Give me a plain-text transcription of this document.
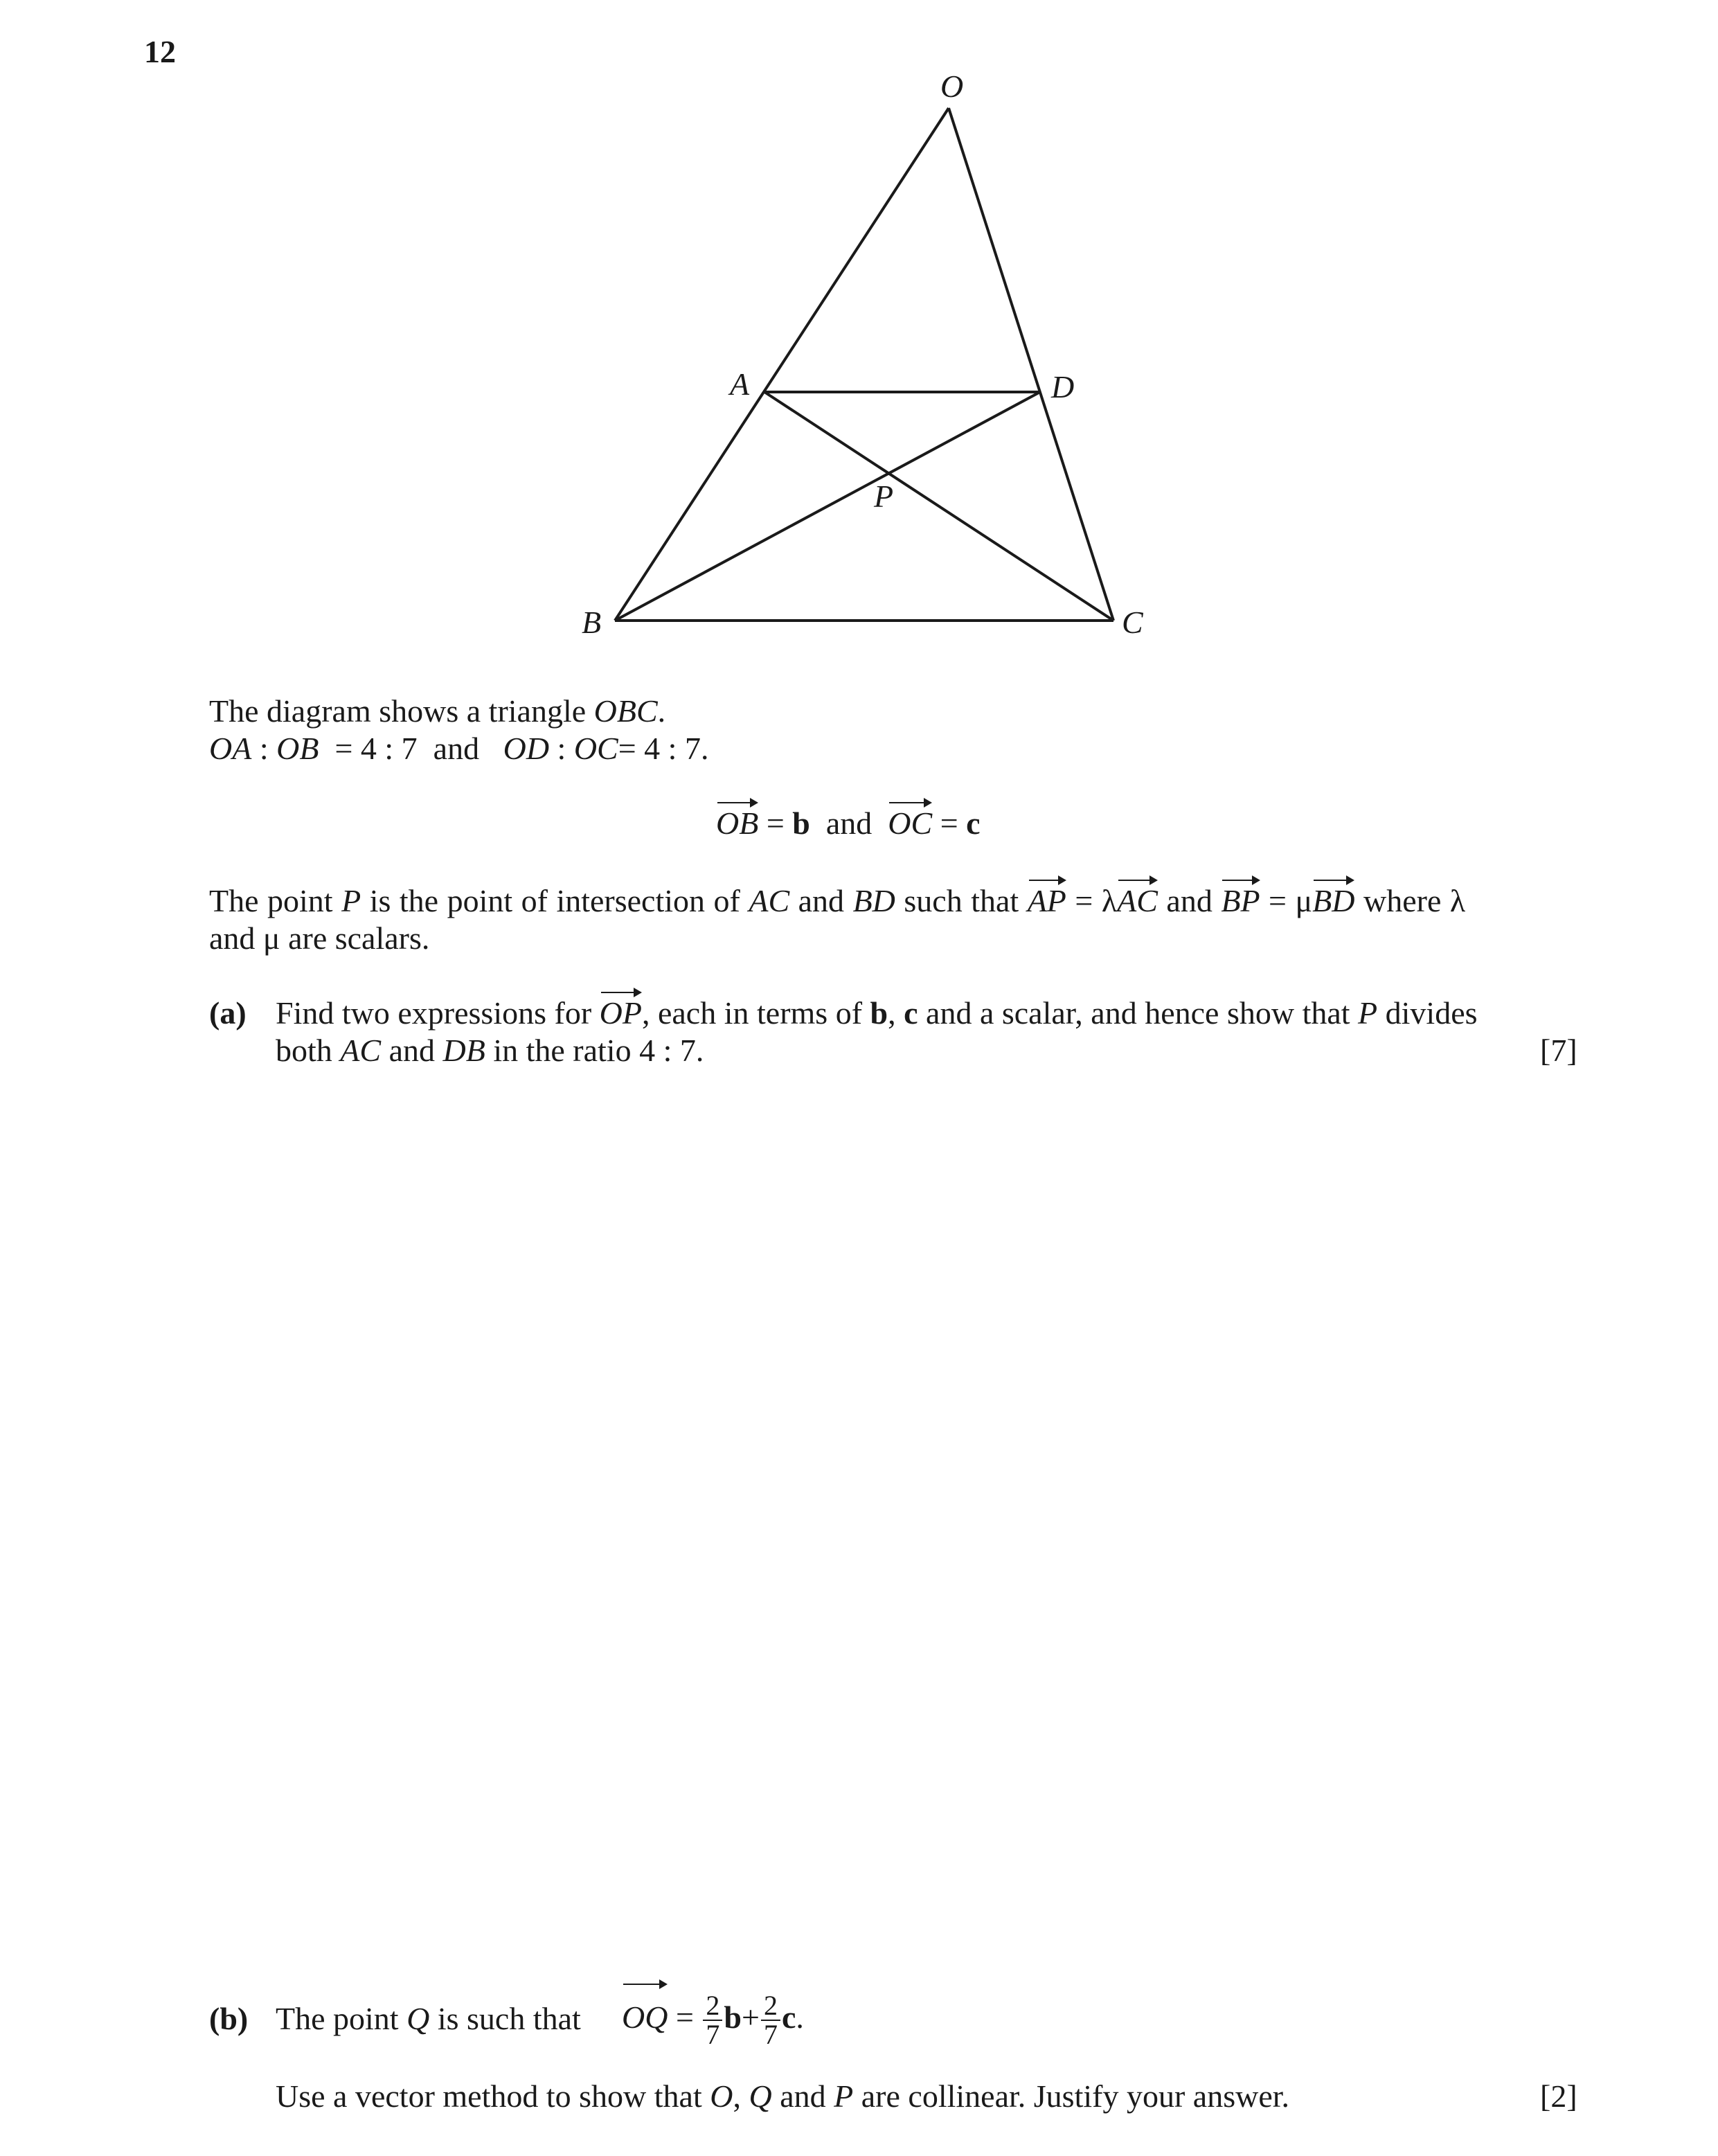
12
O
A	D
P
B	C
The diagram shows a triangle OBC.
OA : OB = 4 : 7 and OD : OC= 4 : 7.
OB = b and OC = c
The point P is the point of intersection of AC and BD such that
AP = λ
AC and
BP = μ
BD where λ
and μ are scalars.
(a) Find two expressions for
OP, each in terms of b, c and a scalar, and hence show that P divides
both AC and DB in the ratio 4 : 7.	[7]
(b) The point Q is such that OQ = $\frac{2}{7} b+ \frac{2}{7} c$.
Use a vector method to show that O, Q and P are collinear. Justify your answer.	[2]
